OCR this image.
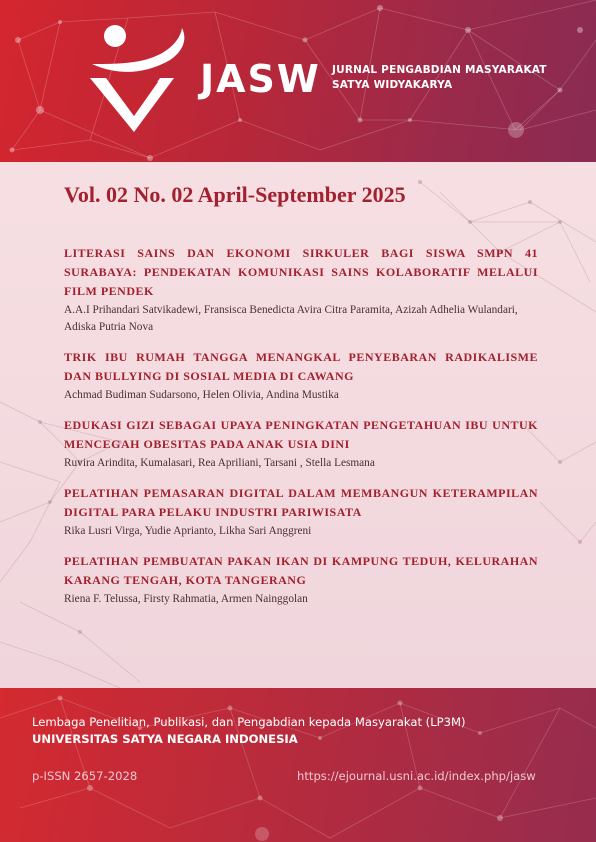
JASW JURNAL PENGABDIAN MASYARAKAT
SATYA WIDYAKARYA
Vol. 02 No. 02 April-September 2025
LITERASI SAINS DAN EKONOMI SIRKULER BAGI SISWA SMPN 41 SURABAYA: PENDEKATAN KOMUNIKASI SAINS KOLABORATIF MELALUI FILM PENDEK
A.A.I Prihandari Satvikadewi, Fransisca Benedicta Avira Citra Paramita, Azizah Adhelia Wulandari, Adiska Putria Nova
TRIK IBU RUMAH TANGGA MENANGKAL PENYEBARAN RADIKALISME DAN BULLYING DI SOSIAL MEDIA DI CAWANG
Achmad Budiman Sudarsono, Helen Olivia, Andina Mustika
EDUKASI GIZI SEBAGAI UPAYA PENINGKATAN PENGETAHUAN IBU UNTUK MENCEGAH OBESITAS PADA ANAK USIA DINI
Ruvira Arindita, Kumalasari, Rea Apriliani, Tarsani , Stella Lesmana
PELATIHAN PEMASARAN DIGITAL DALAM MEMBANGUN KETERAMPILAN DIGITAL PARA PELAKU INDUSTRI PARIWISATA
Rika Lusri Virga, Yudie Aprianto, Likha Sari Anggreni
PELATIHAN PEMBUATAN PAKAN IKAN DI KAMPUNG TEDUH, KELURAHAN KARANG TENGAH, KOTA TANGERANG
Riena F. Telussa, Firsty Rahmatia, Armen Nainggolan
Lembaga Penelitian, Publikasi, dan Pengabdian kepada Masyarakat (LP3M)
UNIVERSITAS SATYA NEGARA INDONESIA
p-ISSN 2657-2028	https://ejournal.usni.ac.id/index.php/jasw
